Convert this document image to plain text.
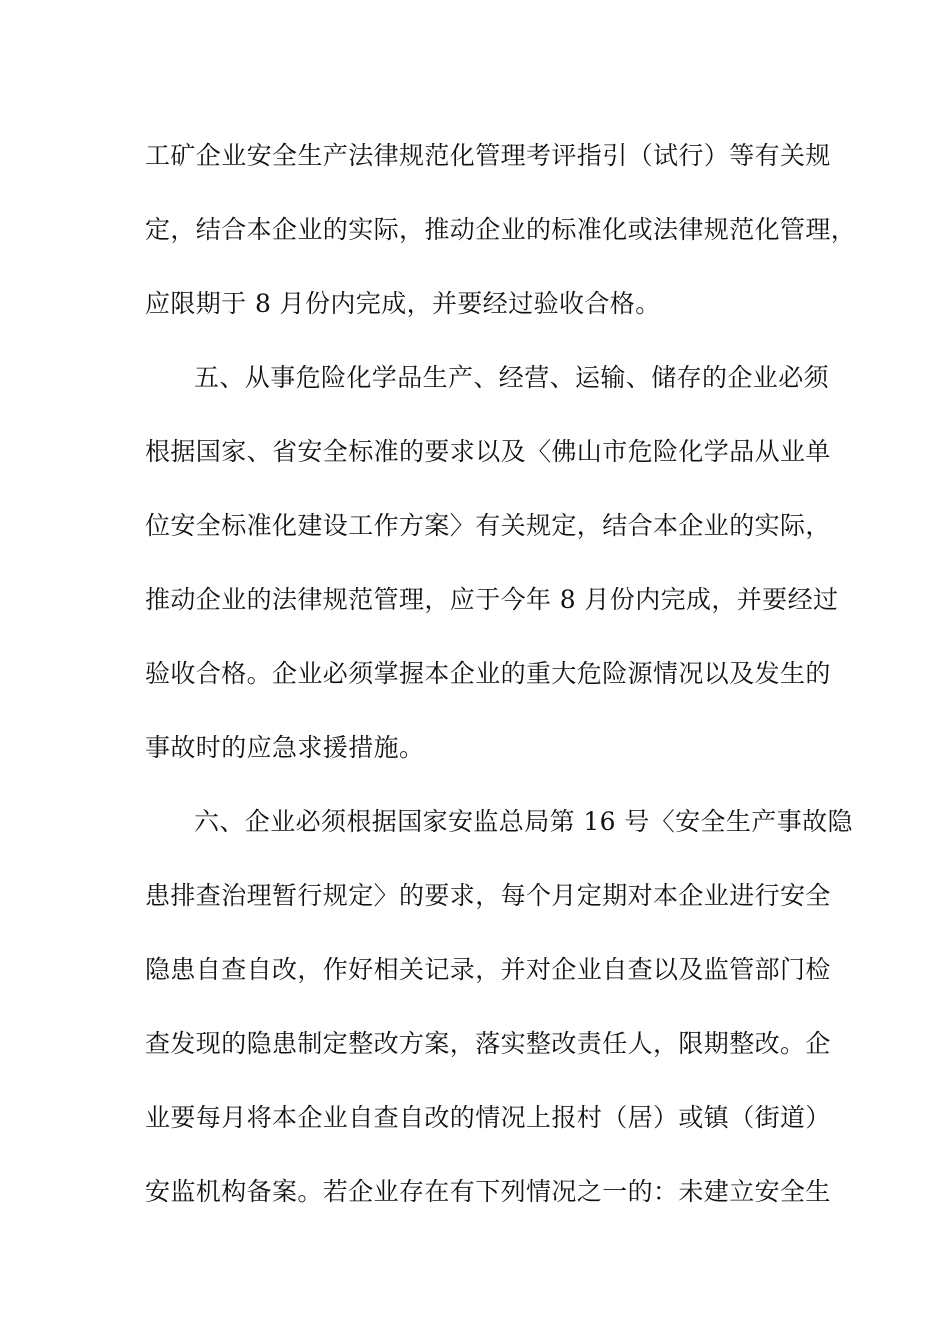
工矿企业安全生产法律规范化管理考评指引（试行）等有关规
定，结合本企业的实际，推动企业的标准化或法律规范化管理，
应限期于 8 月份内完成，并要经过验收合格。
五、从事危险化学品生产、经营、运输、储存的企业必须
根据国家、省安全标准的要求以及〈佛山市危险化学品从业单
位安全标准化建设工作方案〉有关规定，结合本企业的实际，
推动企业的法律规范管理，应于今年 8 月份内完成，并要经过
验收合格。企业必须掌握本企业的重大危险源情况以及发生的
事故时的应急求援措施。
六、企业必须根据国家安监总局第 16 号〈安全生产事故隐
患排查治理暂行规定〉的要求，每个月定期对本企业进行安全
隐患自查自改，作好相关记录，并对企业自查以及监管部门检
查发现的隐患制定整改方案，落实整改责任人，限期整改。企
业要每月将本企业自查自改的情况上报村（居）或镇（街道）
安监机构备案。若企业存在有下列情况之一的：未建立安全生
